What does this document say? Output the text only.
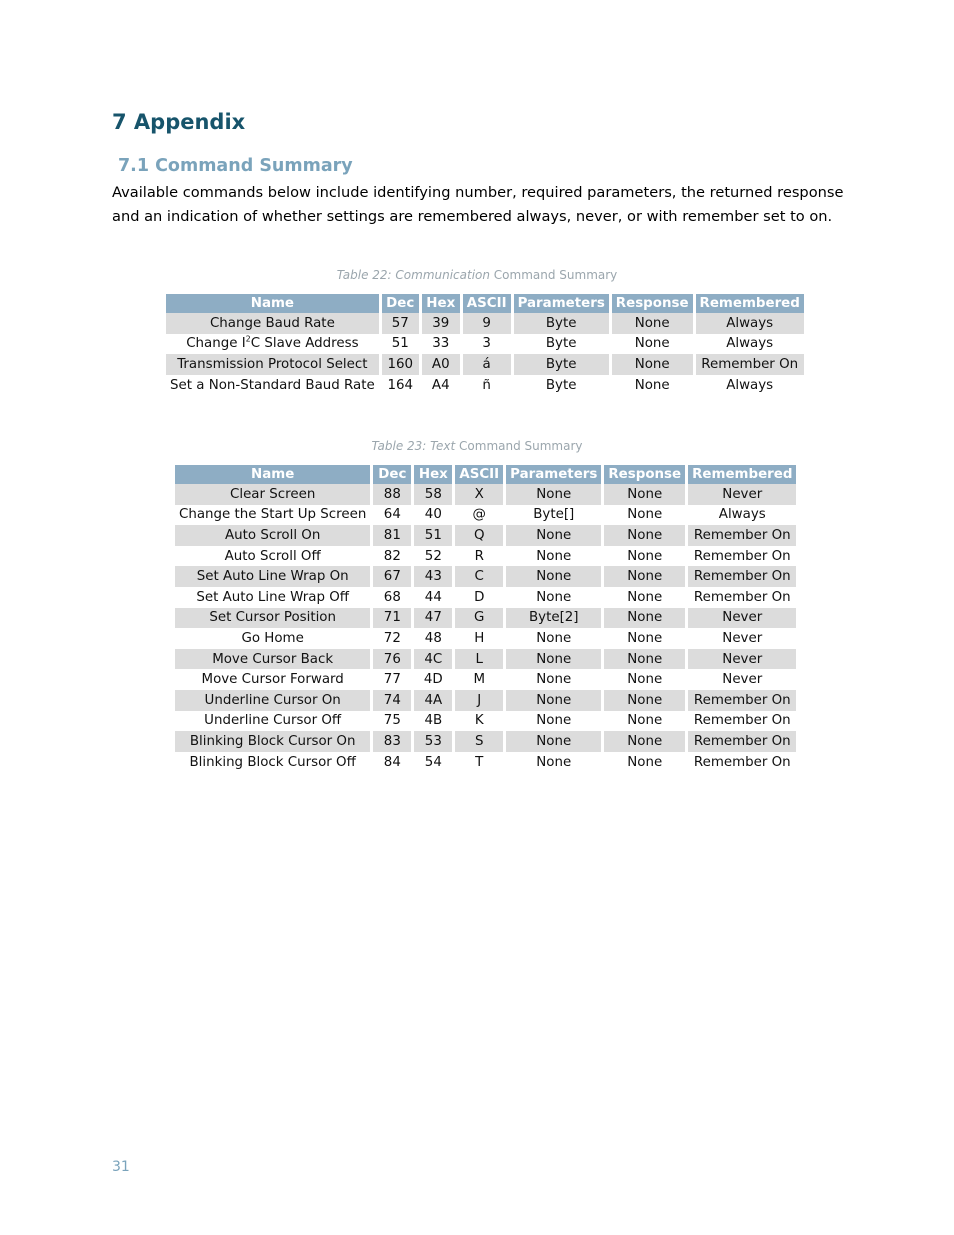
7 Appendix
7.1 Command Summary

Available commands below include identifying number, required parameters, the returned response and an indication of whether settings are remembered always, never, or with remember set to on.

Table 22: Communication Command Summary
Name	Dec	Hex	ASCII	Parameters	Response	Remembered
Change Baud Rate	57	39	9	Byte	None	Always
Change $I^2C$ Slave Address	51	33	3	Byte	None	Always
Transmission Protocol Select	160	A0	á	Byte	None	Remember On
Set a Non-Standard Baud Rate	164	A4	ñ	Byte	None	Always
Table 23: Text Command Summary
Name	Dec	Hex	ASCII	Parameters	Response	Remembered
Clear Screen	88	58	X	None	None	Never
Change the Start Up Screen	64	40	@	Byte[]	None	Always
Auto Scroll On	81	51	Q	None	None	Remember On
Auto Scroll Off	82	52	R	None	None	Remember On
Set Auto Line Wrap On	67	43	C	None	None	Remember On
Set Auto Line Wrap Off	68	44	D	None	None	Remember On
Set Cursor Position	71	47	G	Byte[2]	None	Never
Go Home	72	48	H	None	None	Never
Move Cursor Back	76	4C	L	None	None	Never
Move Cursor Forward	77	4D	M	None	None	Never
Underline Cursor On	74	4A	J	None	None	Remember On
Underline Cursor Off	75	4B	K	None	None	Remember On
Blinking Block Cursor On	83	53	S	None	None	Remember On
Blinking Block Cursor Off	84	54	T	None	None	Remember On

31
